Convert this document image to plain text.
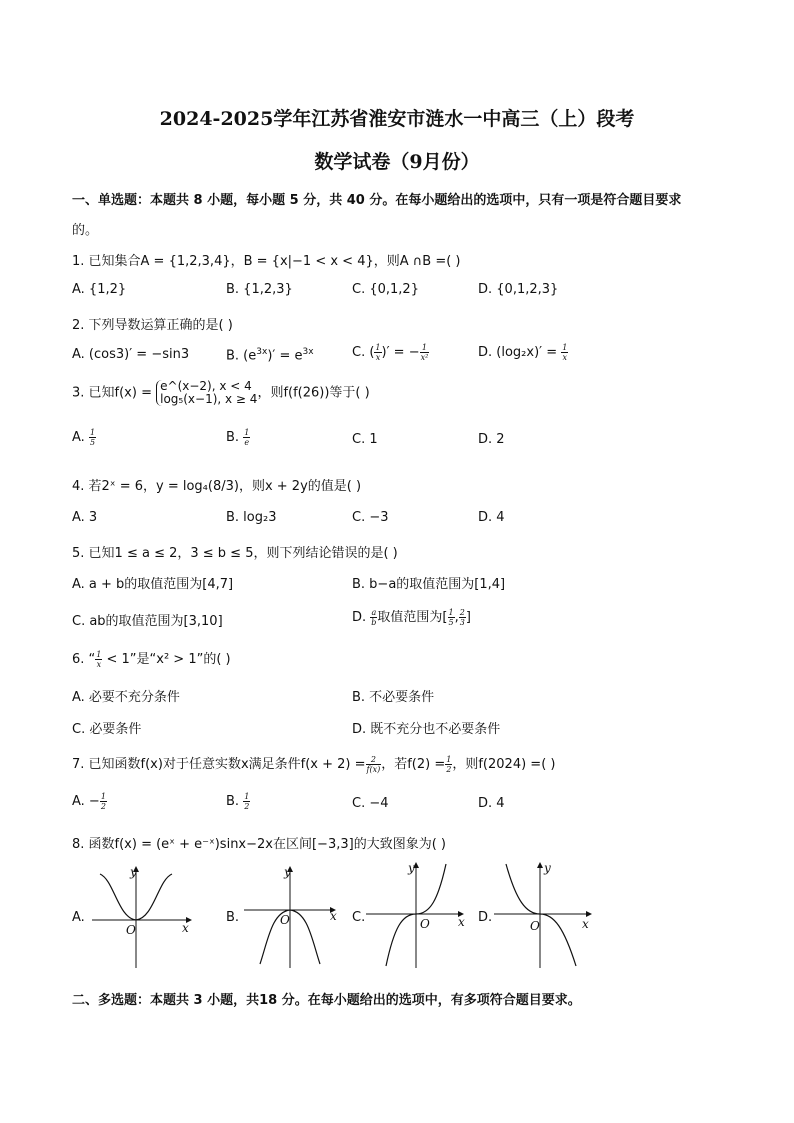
2024-2025学年江苏省淮安市涟水一中高三（上）段考
数学试卷（9月份）
一、单选题：本题共 8 小题，每小题 5 分，共 40 分。在每小题给出的选项中，只有一项是符合题目要求
的。
1. 已知集合A = {1,2,3,4}，B = {x|−1 < x < 4}，则A ∩B =( )
A. {1,2}	B. {1,2,3}	C. {0,1,2}	D. {0,1,2,3}
2. 下列导数运算正确的是( )
A. (cos3)′ = −sin3	B. $(e^{3x})' = e^{3x}$	C. ( $\frac{1}{x}$ )′ = − $\frac{1}{\text{x²}}$	D. $(\log_2x)' = \frac{1}{x}$
3. 已知f(x) = e^(x−2), x < 4
log₅(x−1), x ≥ 4，则f(f(26))等于( )
A. $\frac{1}{5}$	B. $\frac{1}{e}$	C. 1	D. 2
4. 若2ˣ = 6，y = log₄(8/3)，则x + 2y的值是( )
A. 3	B. log₂3	C. −3	D. 4
5. 已知1 ≤ a ≤ 2，3 ≤ b ≤ 5，则下列结论错误的是( )
A. a + b的取值范围为[4,7]	B. b−a的取值范围为[1,4]
C. ab的取值范围为[3,10]	D. $\frac{a}{b}$ 取值范围为[ $\frac{1}{5}$ , $\frac{2}{3}$ ]
6. “ $\frac{1}{x} < 1$”是“x² > 1”的( )
A. 必要不充分条件	B. 不必要条件
C. 必要条件	D. 既不充分也不必要条件
7. 已知函数f(x)对于任意实数x满足条件$f(x + 2) = \frac{2}{f(x)}$ ，若$f(2) = \frac{1}{2}$ ，则f(2024) =( )
A. − $\frac{1}{2}$	B. $\frac{1}{2}$	C. −4	D. 4
8. 函数f(x) = (eˣ + e⁻ˣ)sinx−2x在区间[−3,3]的大致图象为( )
A.
O	x
y
B.	O	x
y
C.	O x
y
D.
O	x
y
二、多选题：本题共 3 小题，共18 分。在每小题给出的选项中，有多项符合题目要求。
